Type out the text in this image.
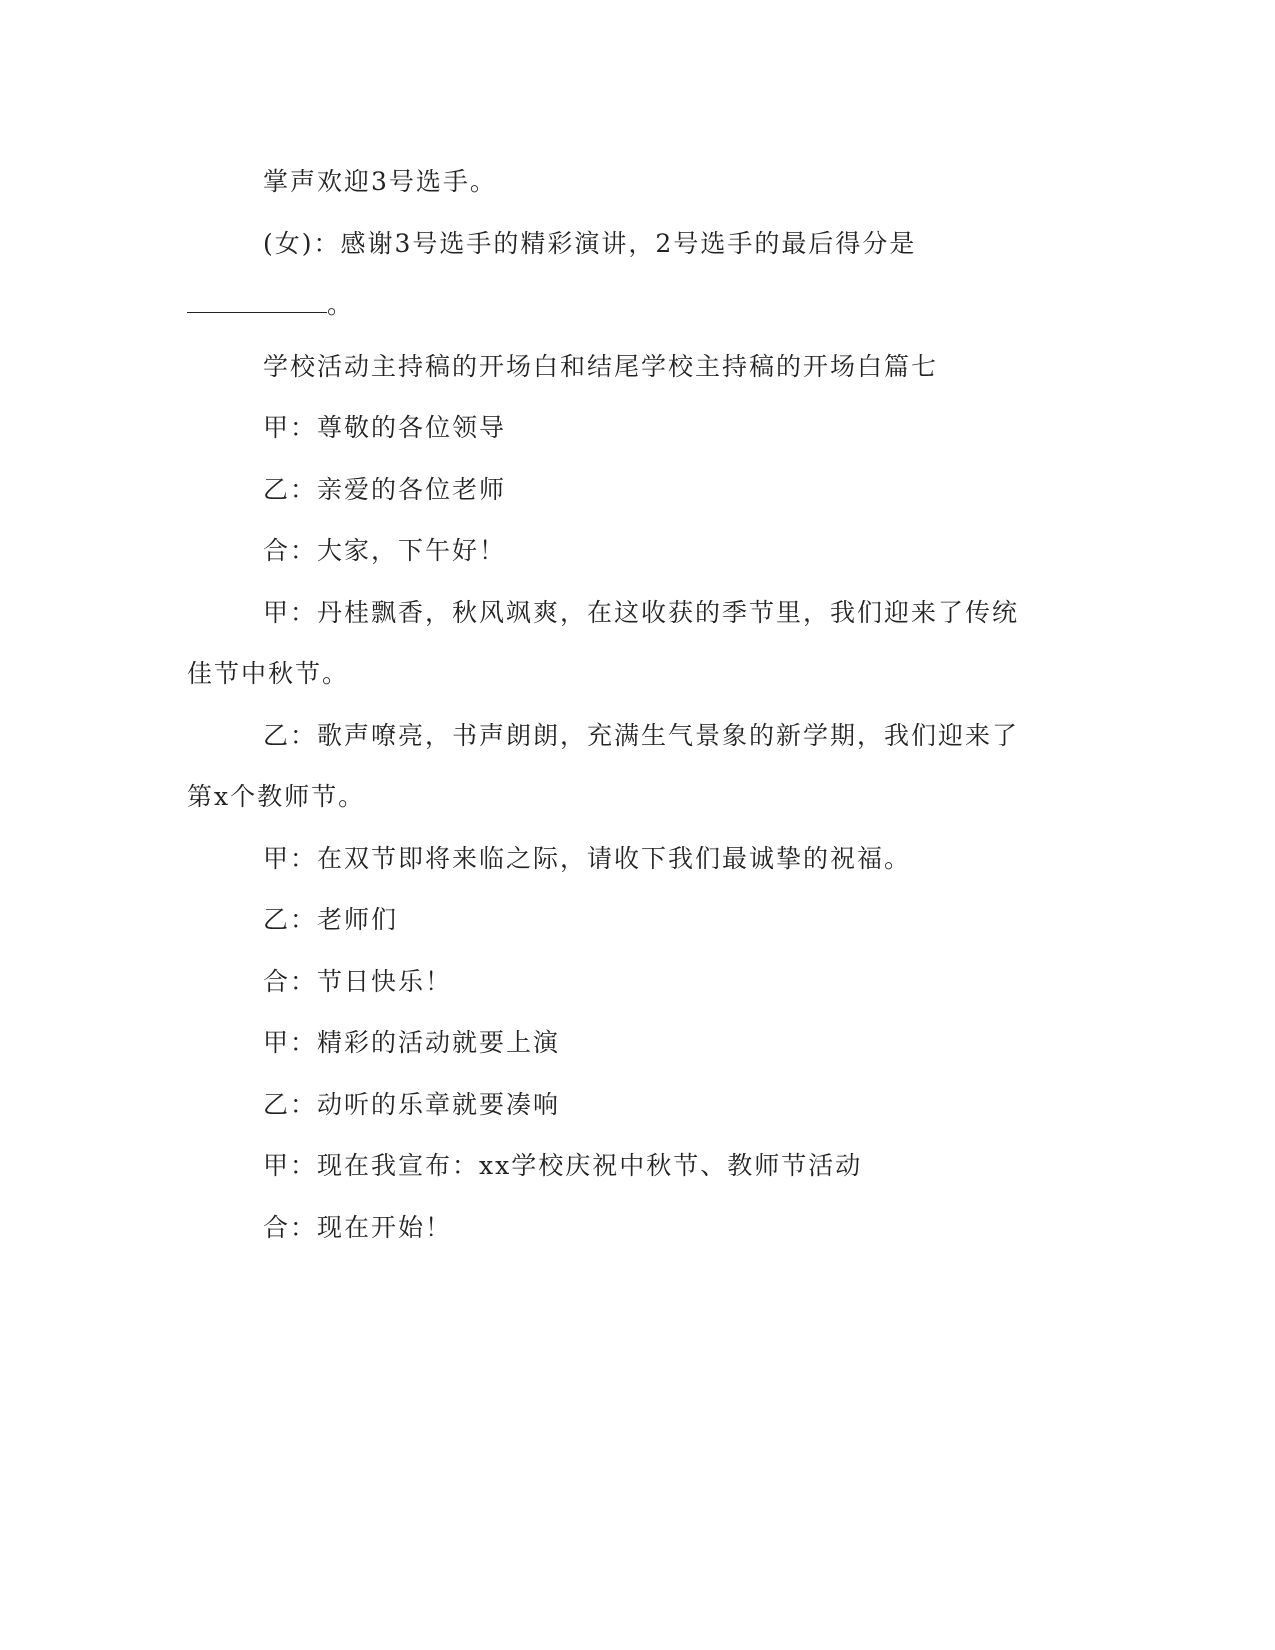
掌声欢迎3号选手。
(女)：感谢3号选手的精彩演讲，2号选手的最后得分是
。
学校活动主持稿的开场白和结尾学校主持稿的开场白篇七
甲：尊敬的各位领导
乙：亲爱的各位老师
合：大家，下午好！
甲：丹桂飘香，秋风飒爽，在这收获的季节里，我们迎来了传统
佳节中秋节。
乙：歌声嘹亮，书声朗朗，充满生气景象的新学期，我们迎来了
第x个教师节。
甲：在双节即将来临之际，请收下我们最诚挚的祝福。
乙：老师们
合：节日快乐！
甲：精彩的活动就要上演
乙：动听的乐章就要凑响
甲：现在我宣布：xx学校庆祝中秋节、教师节活动
合：现在开始！
